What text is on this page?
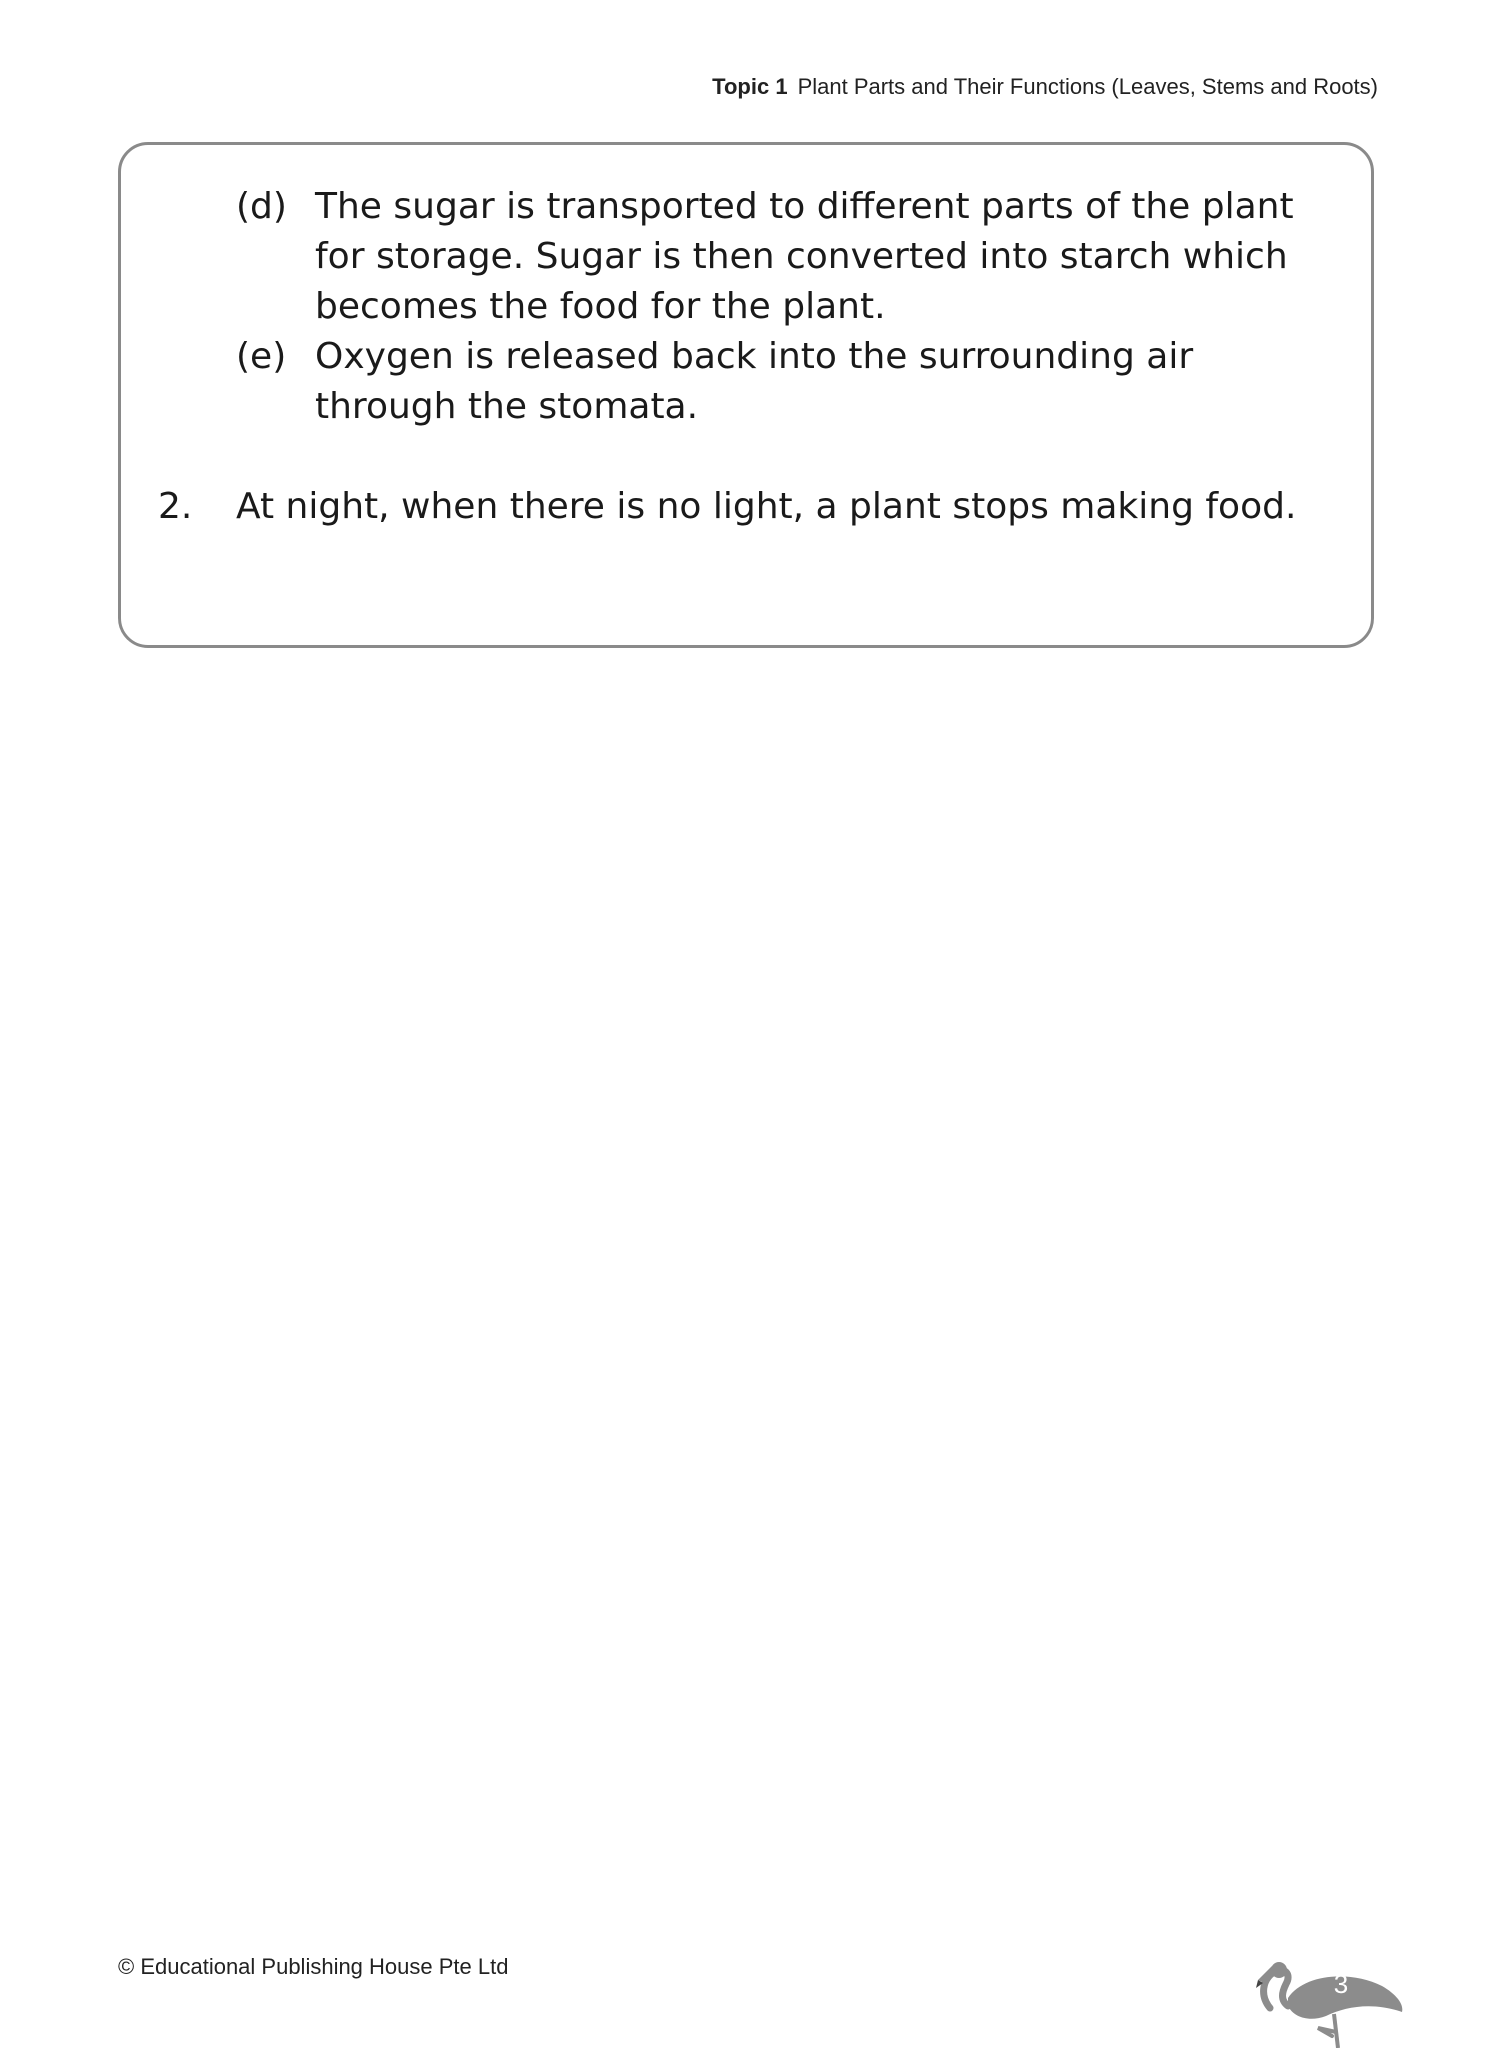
Topic 1 Plant Parts and Their Functions (Leaves, Stems and Roots)
(d) The sugar is transported to different parts of the plant for storage. Sugar is then converted into starch which becomes the food for the plant.
(e) Oxygen is released back into the surrounding air through the stomata.
2. At night, when there is no light, a plant stops making food.
© Educational Publishing House Pte Ltd
3
